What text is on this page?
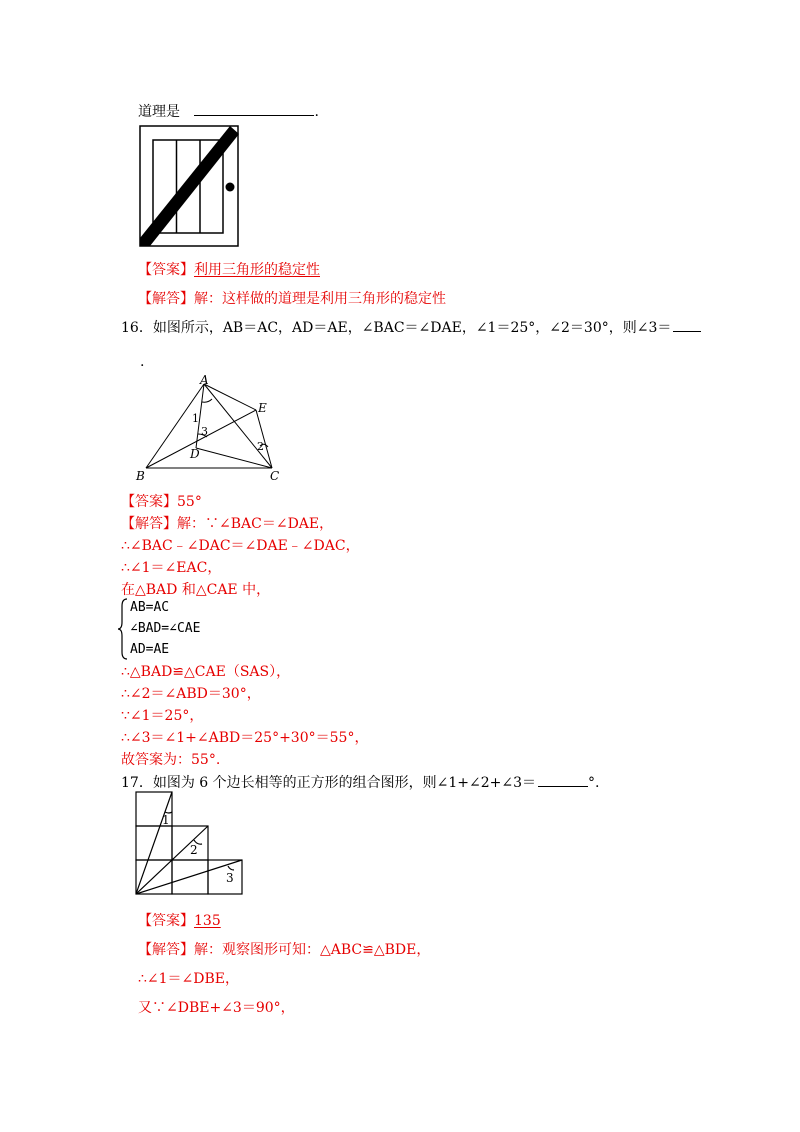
道理是	.
【答案】利用三角形的稳定性
【解答】解：这样做的道理是利用三角形的稳定性
16．如图所示，AB＝AC，AD＝AE，∠BAC＝∠DAE，∠1＝25°，∠2＝30°，则∠3＝
.
A
B	C
D
E
1
2
3
【答案】55°
【解答】解：∵∠BAC＝∠DAE，
∴∠BAC﹣∠DAC＝∠DAE﹣∠DAC，
∴∠1＝∠EAC，
在△BAD 和△CAE 中，
AB=AC
∠BAD=∠CAE
AD=AE
∴△BAD≌△CAE（SAS），
∴∠2＝∠ABD＝30°，
∵∠1＝25°，
∴∠3＝∠1+∠ABD＝25°+30°＝55°，
故答案为：55°.
17．如图为 6 个边长相等的正方形的组合图形，则∠1+∠2+∠3＝	°.
1
2
3
【答案】135
【解答】解：观察图形可知：△ABC≌△BDE，
∴∠1＝∠DBE，
又∵∠DBE+∠3＝90°，
